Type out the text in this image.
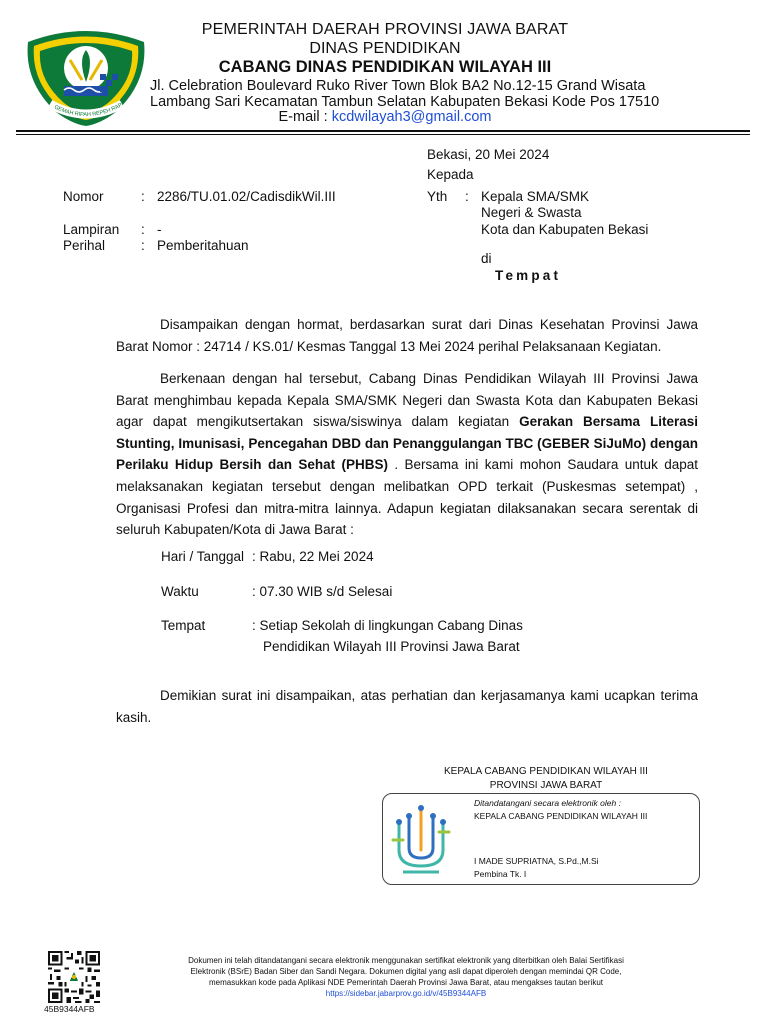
GEMAH RIPAH REPEH RAP
PEMERINTAH DAERAH PROVINSI JAWA BARAT
DINAS PENDIDIKAN
CABANG DINAS PENDIDIKAN WILAYAH III
Jl. Celebration Boulevard Ruko River Town Blok BA2 No.12-15 Grand Wisata
Lambang Sari Kecamatan Tambun Selatan Kabupaten Bekasi Kode Pos 17510
E-mail : kcdwilayah3@gmail.com
Bekasi, 20 Mei 2024
Kepada
Yth : Kepala SMA/SMK
Negeri & Swasta
Kota dan Kabupaten Bekasi
di
Tempat
Nomor	: 2286/TU.01.02/CadisdikWil.III
Lampiran : -
Perihal	: Pemberitahuan
Disampaikan dengan hormat, berdasarkan surat dari Dinas Kesehatan Provinsi Jawa Barat Nomor : 24714 / KS.01/ Kesmas Tanggal 13 Mei 2024 perihal Pelaksanaan Kegiatan.
Berkenaan dengan hal tersebut, Cabang Dinas Pendidikan Wilayah III Provinsi Jawa Barat menghimbau kepada Kepala SMA/SMK Negeri dan Swasta Kota dan Kabupaten Bekasi agar dapat mengikutsertakan siswa/siswinya dalam kegiatan Gerakan Bersama Literasi Stunting, Imunisasi, Pencegahan DBD dan Penanggulangan TBC (GEBER SiJuMo) dengan Perilaku Hidup Bersih dan Sehat (PHBS) . Bersama ini kami mohon Saudara untuk dapat melaksanakan kegiatan tersebut dengan melibatkan OPD terkait (Puskesmas setempat) , Organisasi Profesi dan mitra-mitra lainnya. Adapun kegiatan dilaksanakan secara serentak di seluruh Kabupaten/Kota di Jawa Barat :
Hari / Tanggal : Rabu, 22 Mei 2024
Waktu	: 07.30 WIB s/d Selesai
Tempat	: Setiap Sekolah di lingkungan Cabang Dinas
Pendidikan Wilayah III Provinsi Jawa Barat
Demikian surat ini disampaikan, atas perhatian dan kerjasamanya kami ucapkan terima kasih.
KEPALA CABANG PENDIDIKAN WILAYAH III
PROVINSI JAWA BARAT
Ditandatangani secara elektronik oleh :
KEPALA CABANG PENDIDIKAN WILAYAH III
I MADE SUPRIATNA, S.Pd.,M.Si
Pembina Tk. I
45B9344AFB
Dokumen ini telah ditandatangani secara elektronik menggunakan sertifikat elektronik yang diterbitkan oleh Balai Sertifikasi
Elektronik (BSrE) Badan Siber dan Sandi Negara. Dokumen digital yang asli dapat diperoleh dengan memindai QR Code,
memasukkan kode pada Aplikasi NDE Pemerintah Daerah Provinsi Jawa Barat, atau mengakses tautan berikut
https://sidebar.jabarprov.go.id/v/45B9344AFB
